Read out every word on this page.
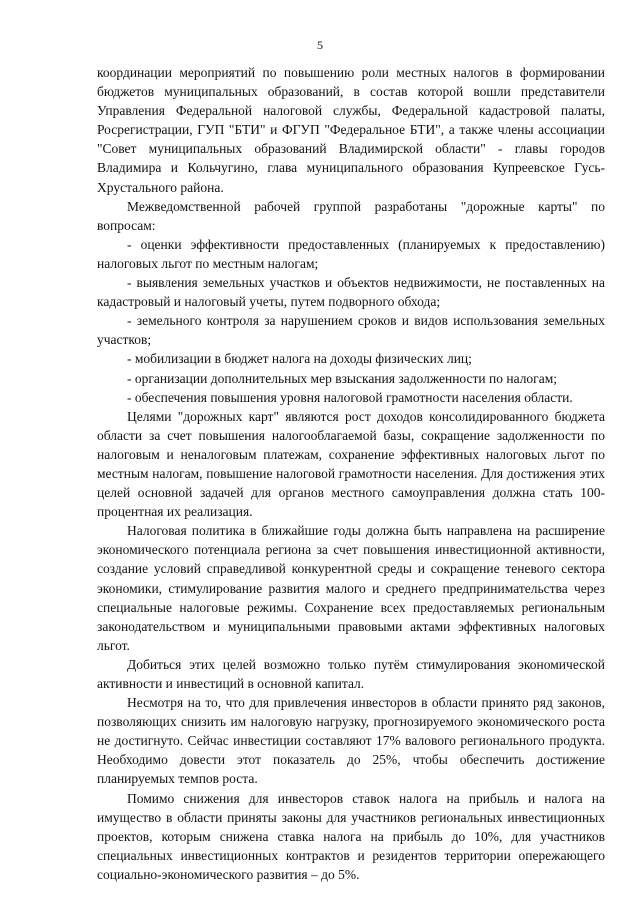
5

координации мероприятий по повышению роли местных налогов в формировании бюджетов муниципальных образований, в состав которой вошли представители Управления Федеральной налоговой службы, Федеральной кадастровой палаты, Росрегистрации, ГУП "БТИ" и ФГУП "Федеральное БТИ", а также члены ассоциации "Совет муниципальных образований Владимирской области" - главы городов Владимира и Кольчугино, глава муниципального образования Купреевское Гусь-Хрустального района.

Межведомственной рабочей группой разработаны "дорожные карты" по вопросам:

- оценки эффективности предоставленных (планируемых к предоставлению) налоговых льгот по местным налогам;

- выявления земельных участков и объектов недвижимости, не поставленных на кадастровый и налоговый учеты, путем подворного обхода;

- земельного контроля за нарушением сроков и видов использования земельных участков;

- мобилизации в бюджет налога на доходы физических лиц;

- организации дополнительных мер взыскания задолженности по налогам;

- обеспечения повышения уровня налоговой грамотности населения области.

Целями "дорожных карт" являются рост доходов консолидированного бюджета области за счет повышения налогооблагаемой базы, сокращение задолженности по налоговым и неналоговым платежам, сохранение эффективных налоговых льгот по местным налогам, повышение налоговой грамотности населения. Для достижения этих целей основной задачей для органов местного самоуправления должна стать 100-процентная их реализация.

Налоговая политика в ближайшие годы должна быть направлена на расширение экономического потенциала региона за счет повышения инвестиционной активности, создание условий справедливой конкурентной среды и сокращение теневого сектора экономики, стимулирование развития малого и среднего предпринимательства через специальные налоговые режимы. Сохранение всех предоставляемых региональным законодательством и муниципальными правовыми актами эффективных налоговых льгот.

Добиться этих целей возможно только путём стимулирования экономической активности и инвестиций в основной капитал.

Несмотря на то, что для привлечения инвесторов в области принято ряд законов, позволяющих снизить им налоговую нагрузку, прогнозируемого экономического роста не достигнуто. Сейчас инвестиции составляют 17% валового регионального продукта. Необходимо довести этот показатель до 25%, чтобы обеспечить достижение планируемых темпов роста.

Помимо снижения для инвесторов ставок налога на прибыль и налога на имущество в области приняты законы для участников региональных инвестиционных проектов, которым снижена ставка налога на прибыль до 10%, для участников специальных инвестиционных контрактов и резидентов территории опережающего социально-экономического развития – до 5%.
